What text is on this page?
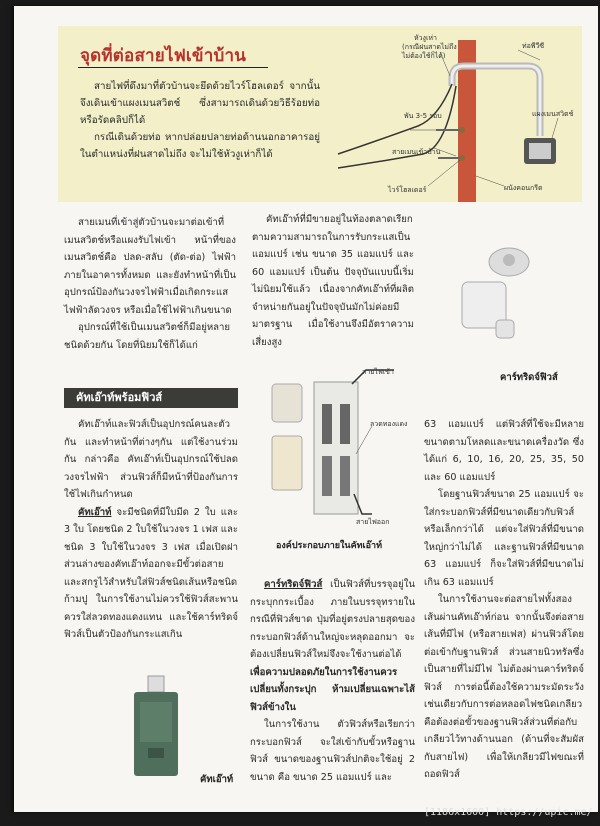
จุดที่ต่อสายไฟเข้าบ้าน

สายไฟที่ดึงมาที่ตัวบ้านจะยึดด้วยไวร์โฮลเดอร์ จากนั้นจึงเดินเข้าแผงเมนสวิตช์ ซึ่งสามารถเดินด้วยวิธีร้อยท่อหรือรัดคลิปก็ได้

กรณีเดินด้วยท่อ หากปล่อยปลายท่อด้านนอกอาคารอยู่ในตำแหน่งที่ฝนสาดไม่ถึง จะไม่ใช้หัวงูเห่าก็ได้

หัวงูเห่า
(กรณีฝนสาดไม่ถึง
ไม่ต้องใช้ก็ได้)
ท่อพีวีซี
พัน 3-5 รอบ
สายเมนเข้าบ้าน
แผงเมนสวิตช์
ไวร์โฮลเดอร์	ผนังคอนกรีต

สายเมนที่เข้าสู่ตัวบ้านจะมาต่อเข้าที่เมนสวิตช์หรือแผงรับไฟเข้า หน้าที่ของเมนสวิตช์คือ ปลด-สลับ (ตัด-ต่อ) ไฟฟ้าภายในอาคารทั้งหมด และยังทำหน้าที่เป็นอุปกรณ์ป้องกันวงจรไฟฟ้าเมื่อเกิดกระแสไฟฟ้าลัดวงจร หรือเมื่อใช้ไฟฟ้าเกินขนาด

อุปกรณ์ที่ใช้เป็นเมนสวิตช์ก็มีอยู่หลายชนิดด้วยกัน โดยที่นิยมใช้ก็ได้แก่

คัทเอ๊าท์พร้อมฟิวส์

คัทเอ๊าท์และฟิวส์เป็นอุปกรณ์คนละตัวกัน และทำหน้าที่ต่างๆกัน แต่ใช้งานร่วมกัน กล่าวคือ คัทเอ๊าท์เป็นอุปกรณ์ใช้ปลดวงจรไฟฟ้า ส่วนฟิวส์ก็มีหน้าที่ป้องกันการใช้ไฟเกินกำหนด

คัทเอ๊าท์ จะมีชนิดที่มีใบมีด 2 ใบ และ 3 ใบ โดยชนิด 2 ใบใช้ในวงจร 1 เฟส และชนิด 3 ใบใช้ในวงจร 3 เฟส เมื่อเปิดฝาส่วนล่างของคัทเอ๊าท์ออกจะมีขั้วต่อสายและสกรูไว้สำหรับใส่ฟิวส์ชนิดเส้นหรือชนิดก้ามปู ในการใช้งานไม่ควรใช้ฟิวส์สะพาน ควรใส่ลวดทองแดงแทน และใช้คาร์ทริดจ์ฟิวส์เป็นตัวป้องกันกระแสเกิน

คัทเอ๊าท์

คัทเอ๊าท์ที่มีขายอยู่ในท้องตลาดเรียกตามความสามารถในการรับกระแสเป็นแอมแปร์ เช่น ขนาด 35 แอมแปร์ และ 60 แอมแปร์ เป็นต้น ปัจจุบันแบบนี้เริ่มไม่นิยมใช้แล้ว เนื่องจากคัทเอ๊าท์ที่ผลิตจำหน่ายกันอยู่ในปัจจุบันมักไม่ค่อยมีมาตรฐาน เมื่อใช้งานจึงมีอัตราความเสี่ยงสูง

สายไฟเข้า
ลวดทองแดง
สายไฟออก
องค์ประกอบภายในคัทเอ๊าท์

คาร์ทริดจ์ฟิวส์ เป็นฟิวส์ที่บรรจุอยู่ในกระบุกกระเบื้อง ภายในบรรจุทรายในกรณีที่ฟิวส์ขาด ปุ่มที่อยู่ตรงปลายสุดของกระบอกฟิวส์ด้านใหญ่จะหลุดออกมา จะต้องเปลี่ยนฟิวส์ใหม่จึงจะใช้งานต่อได้ เพื่อความปลอดภัยในการใช้งานควรเปลี่ยนทั้งกระปุก ห้ามเปลี่ยนเฉพาะไส้ฟิวส์ข้างใน

ในการใช้งาน ตัวฟิวส์หรือเรียกว่ากระบอกฟิวส์ จะใส่เข้ากับขั้วหรือฐานฟิวส์ ขนาดของฐานฟิวส์ปกติจะใช้อยู่ 2 ขนาด คือ ขนาด 25 แอมแปร์ และ

คาร์ทริดจ์ฟิวส์

63 แอมแปร์ แต่ฟิวส์ที่ใช้จะมีหลายขนาดตามโหลดและขนาดเครื่องวัด ซึ่งได้แก่ 6, 10, 16, 20, 25, 35, 50 และ 60 แอมแปร์

โดยฐานฟิวส์ขนาด 25 แอมแปร์ จะใส่กระบอกฟิวส์ที่มีขนาดเดียวกับฟิวส์หรือเล็กกว่าได้ แต่จะใส่ฟิวส์ที่มีขนาดใหญ่กว่าไม่ได้ และฐานฟิวส์ที่มีขนาด 63 แอมแปร์ ก็จะใส่ฟิวส์ที่มีขนาดไม่เกิน 63 แอมแปร์

ในการใช้งานจะต่อสายไฟทั้งสองเส้นผ่านคัทเอ๊าท์ก่อน จากนั้นจึงต่อสายเส้นที่มีไฟ (หรือสายเฟส) ผ่านฟิวส์โดยต่อเข้ากับฐานฟิวส์ ส่วนสายนิวทรัลซึ่งเป็นสายที่ไม่มีไฟ ไม่ต้องผ่านคาร์ทริดจ์ฟิวส์ การต่อนี้ต้องใช้ความระมัดระวังเช่นเดียวกับการต่อหลอดไฟชนิดเกลียว คือต้องต่อขั้วของฐานฟิวส์ส่วนที่ต่อกับเกลียวไว้ทางด้านนอก (ด้านที่จะสัมผัสกับสายไฟ) เพื่อให้เกลียวมีไฟขณะที่ถอดฟิวส์

[1186x1600] https://upic.me/
